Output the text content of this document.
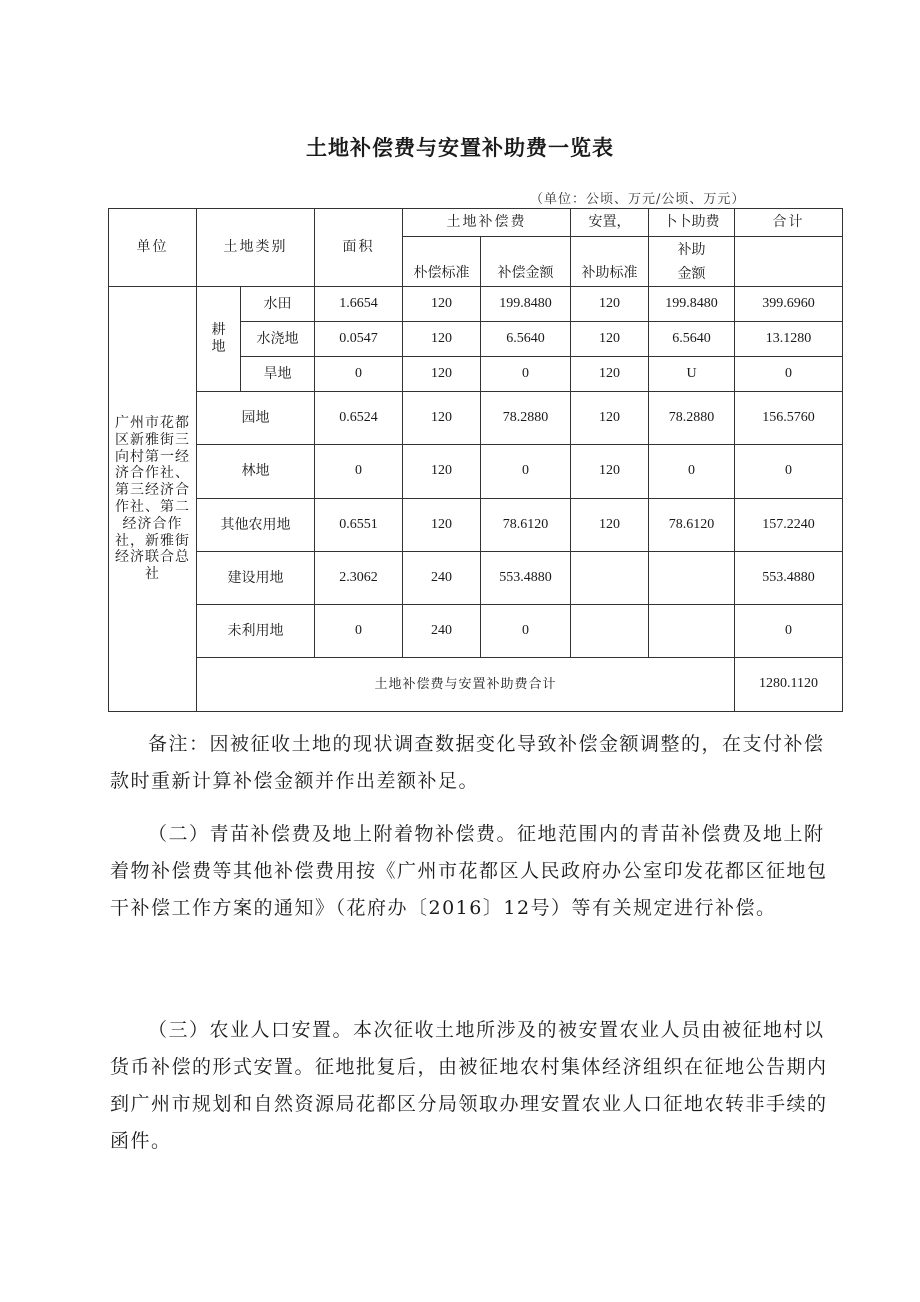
土地补偿费与安置补助费一览表
（单位：公顷、万元/公顷、万元）
单位	土地类别		面积	土地补偿费		安置，	卜卜助费	合计
				朴偿标准	补偿金额	补助标准	补助金额	
广州市花都区新雅街三向村第一经济合作社、第三经济合作社、第二经济合作社，新雅街经济联合总社	耕地	水田	1.6654	120	199.8480	120	199.8480	399.6960
		水浇地	0.0547	120	6.5640	120	6.5640	13.1280
		旱地	0	120	0	120	U	0
	园地		0.6524	120	78.2880	120	78.2880	156.5760
	林地		0	120	0	120	0	0
	其他农用地		0.6551	120	78.6120	120	78.6120	157.2240
	建设用地		2.3062	240	553.4880			553.4880
	未利用地		0	240	0			0
	土地补偿费与安置补助费合计							1280.1120

备注：因被征收土地的现状调查数据变化导致补偿金额调整的，在支付补偿款时重新计算补偿金额并作出差额补足。

（二）青苗补偿费及地上附着物补偿费。征地范围内的青苗补偿费及地上附着物补偿费等其他补偿费用按《广州市花都区人民政府办公室印发花都区征地包干补偿工作方案的通知》（花府办〔2016〕12号）等有关规定进行补偿。

（三）农业人口安置。本次征收土地所涉及的被安置农业人员由被征地村以货币补偿的形式安置。征地批复后，由被征地农村集体经济组织在征地公告期内到广州市规划和自然资源局花都区分局领取办理安置农业人口征地农转非手续的函件。
